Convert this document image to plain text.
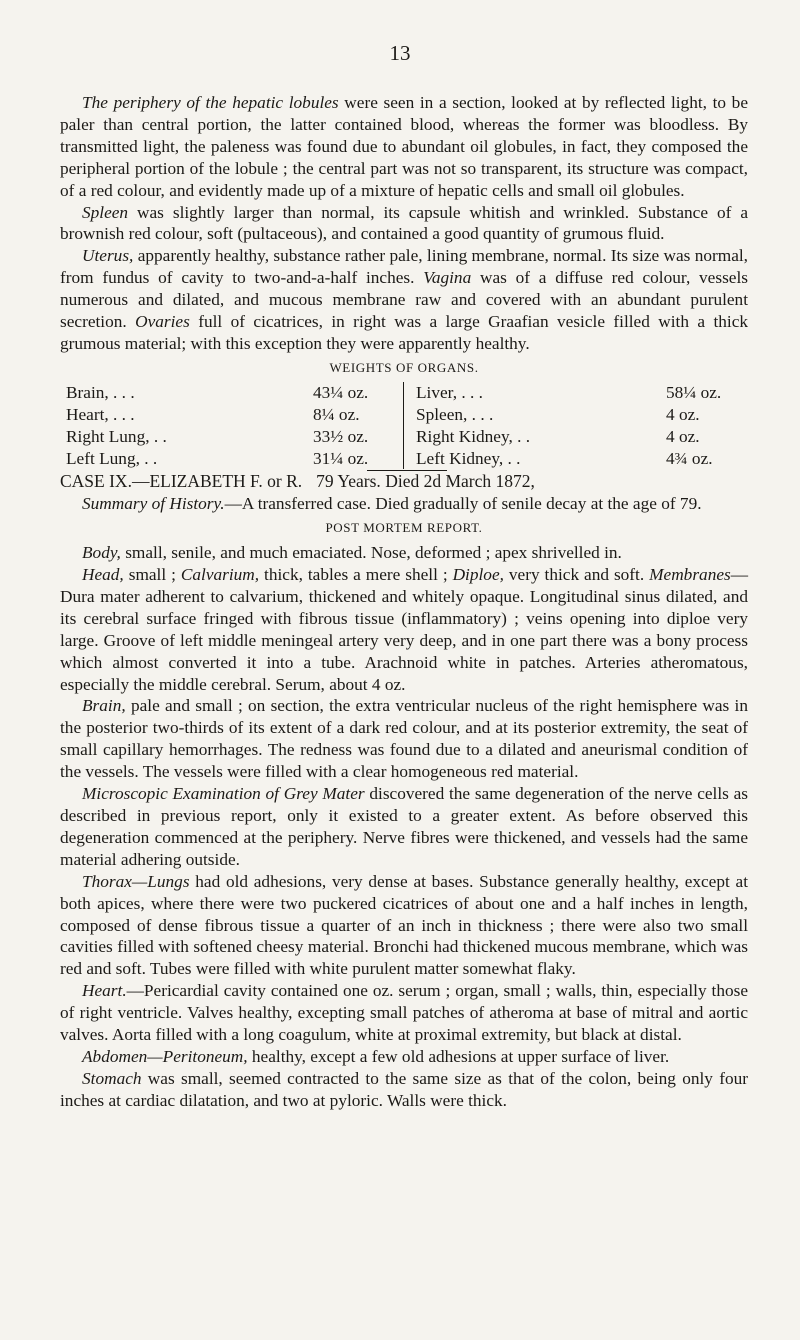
13

The periphery of the hepatic lobules were seen in a section, looked at by reflected light, to be paler than central portion, the latter contained blood, whereas the former was bloodless. By transmitted light, the paleness was found due to abundant oil globules, in fact, they composed the peripheral portion of the lobule ; the central part was not so transparent, its structure was compact, of a red colour, and evidently made up of a mixture of hepatic cells and small oil globules.

Spleen was slightly larger than normal, its capsule whitish and wrinkled. Substance of a brownish red colour, soft (pultaceous), and contained a good quantity of grumous fluid.

Uterus, apparently healthy, substance rather pale, lining membrane, normal. Its size was normal, from fundus of cavity to two-and-a-half inches. Vagina was of a diffuse red colour, vessels numerous and dilated, and mucous membrane raw and covered with an abundant purulent secretion. Ovaries full of cicatrices, in right was a large Graafian vesicle filled with a thick grumous material; with this exception they were apparently healthy.

WEIGHTS OF ORGANS.
Brain, . . .	43¼ oz.
Heart, . . .	8¼ oz.
Right Lung, . .	33½ oz.
Left Lung, . .	31¼ oz.
Liver, . . .	58¼ oz.
Spleen, . . .	4 oz.
Right Kidney, . .	4 oz.
Left Kidney, . .	4¾ oz.

CASE IX.—ELIZABETH F. or R. 79 Years. Died 2d March 1872,

Summary of History.—A transferred case. Died gradually of senile decay at the age of 79.

POST MORTEM REPORT.

Body, small, senile, and much emaciated. Nose, deformed ; apex shrivelled in.

Head, small ; Calvarium, thick, tables a mere shell ; Diploe, very thick and soft. Membranes—Dura mater adherent to calvarium, thickened and whitely opaque. Longitudinal sinus dilated, and its cerebral surface fringed with fibrous tissue (inflammatory) ; veins opening into diploe very large. Groove of left middle meningeal artery very deep, and in one part there was a bony process which almost converted it into a tube. Arachnoid white in patches. Arteries atheromatous, especially the middle cerebral. Serum, about 4 oz.

Brain, pale and small ; on section, the extra ventricular nucleus of the right hemisphere was in the posterior two-thirds of its extent of a dark red colour, and at its posterior extremity, the seat of small capillary hemorrhages. The redness was found due to a dilated and aneurismal condition of the vessels. The vessels were filled with a clear homogeneous red material.

Microscopic Examination of Grey Mater discovered the same degeneration of the nerve cells as described in previous report, only it existed to a greater extent. As before observed this degeneration commenced at the periphery. Nerve fibres were thickened, and vessels had the same material adhering outside.

Thorax—Lungs had old adhesions, very dense at bases. Substance generally healthy, except at both apices, where there were two puckered cicatrices of about one and a half inches in length, composed of dense fibrous tissue a quarter of an inch in thickness ; there were also two small cavities filled with softened cheesy material. Bronchi had thickened mucous membrane, which was red and soft. Tubes were filled with white purulent matter somewhat flaky.

Heart.—Pericardial cavity contained one oz. serum ; organ, small ; walls, thin, especially those of right ventricle. Valves healthy, excepting small patches of atheroma at base of mitral and aortic valves. Aorta filled with a long coagulum, white at proximal extremity, but black at distal.

Abdomen—Peritoneum, healthy, except a few old adhesions at upper surface of liver.

Stomach was small, seemed contracted to the same size as that of the colon, being only four inches at cardiac dilatation, and two at pyloric. Walls were thick.
